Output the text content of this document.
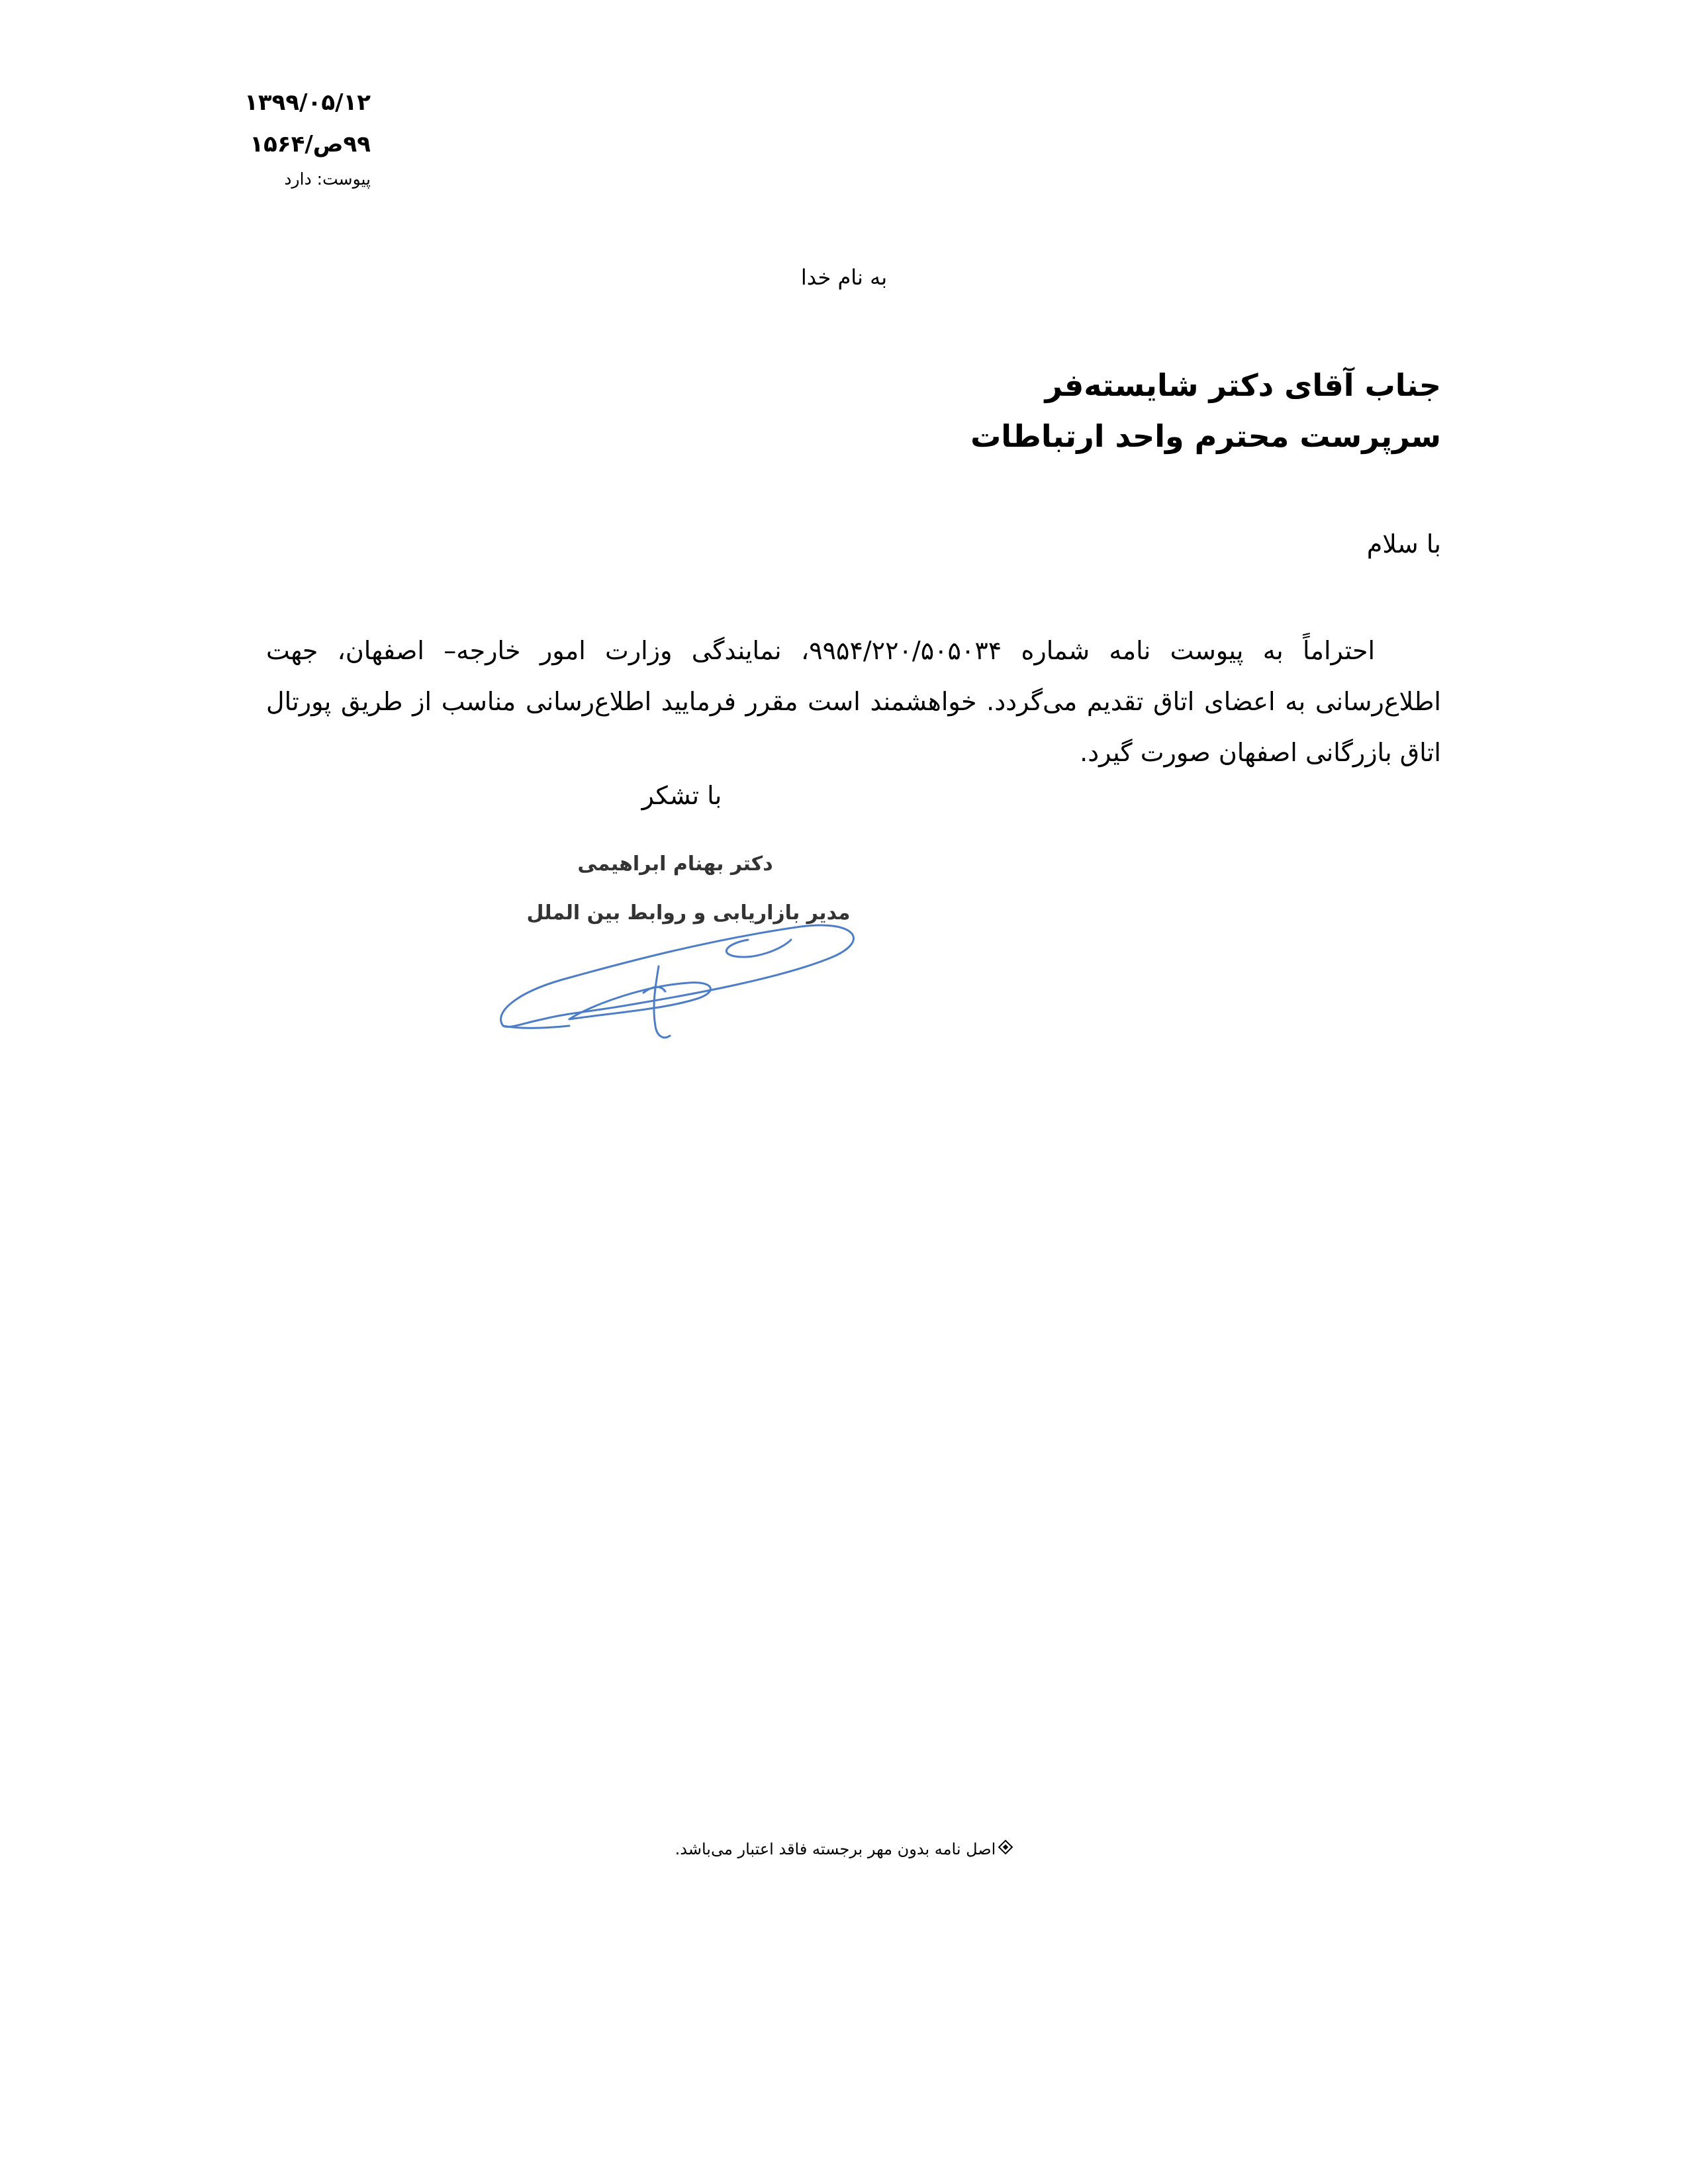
۱۳۹۹/۰۵/۱۲
۹۹ص/۱۵۶۴
پیوست: دارد
به نام خدا
جناب آقای دکتر شایسته‌فر
سرپرست محترم واحد ارتباطات
با سلام

احتراماً به پیوست نامه شماره ۹۹۵۴/۲۲۰/۵۰۵۰۳۴، نمایندگی وزارت امور خارجه– اصفهان، جهت اطلاع‌رسانی به اعضای اتاق تقدیم می‌گردد. خواهشمند است مقرر فرمایید اطلاع‌رسانی مناسب از طریق پورتال اتاق بازرگانی اصفهان صورت گیرد.

با تشکر
دکتر بهنام ابراهیمی
مدیر بازاریابی و روابط بین الملل
اصل نامه بدون مهر برجسته فاقد اعتبار می‌باشد.
